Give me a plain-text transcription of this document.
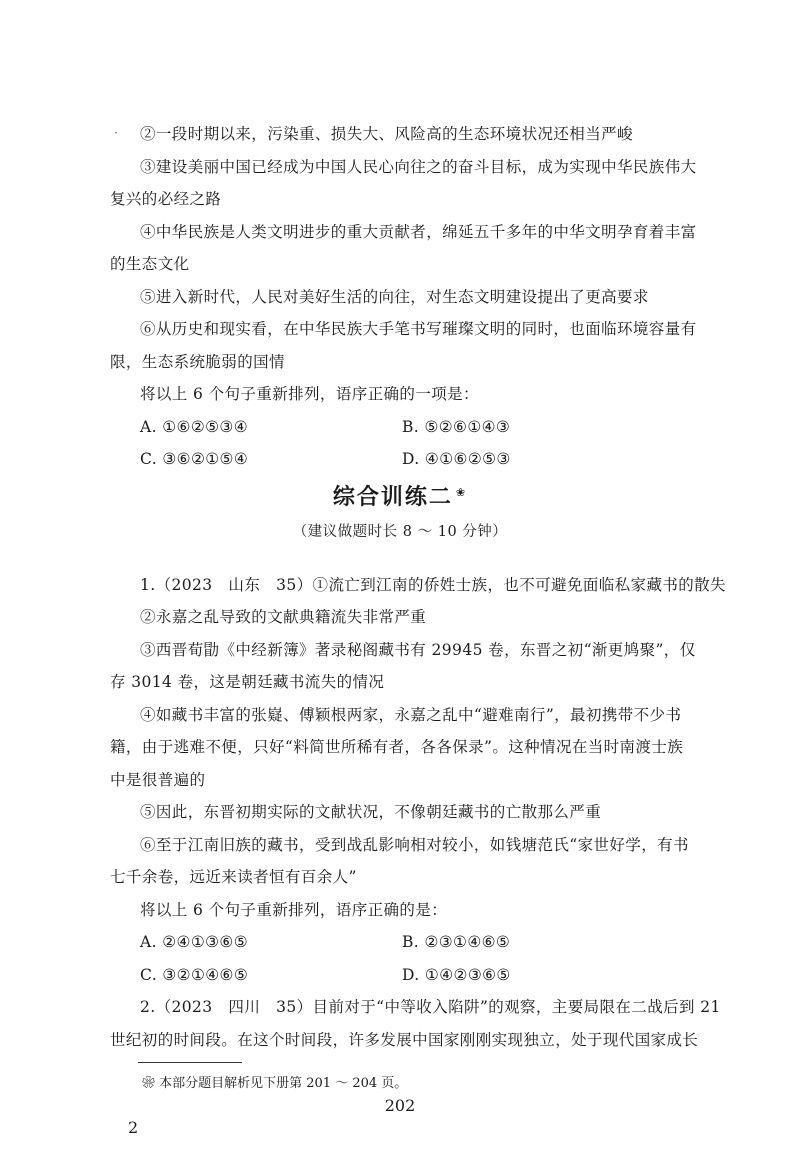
· ②一段时期以来，污染重、损失大、风险高的生态环境状况还相当严峻
③建设美丽中国已经成为中国人民心向往之的奋斗目标，成为实现中华民族伟大
复兴的必经之路
④中华民族是人类文明进步的重大贡献者，绵延五千多年的中华文明孕育着丰富
的生态文化
⑤进入新时代，人民对美好生活的向往，对生态文明建设提出了更高要求
⑥从历史和现实看，在中华民族大手笔书写璀璨文明的同时，也面临环境容量有
限，生态系统脆弱的国情
将以上 6 个句子重新排列，语序正确的一项是：
A. ①⑥②⑤③④	B. ⑤②⑥①④③
C. ③⑥②①⑤④	D. ④①⑥②⑤③
综合训练二 ❀
（建议做题时长 8 ～ 10 分钟）
1.（2023　山东　35）①流亡到江南的侨姓士族，也不可避免面临私家藏书的散失
②永嘉之乱导致的文献典籍流失非常严重
③西晋荀勖《中经新簿》著录秘阁藏书有 29945 卷，东晋之初“渐更鸠聚”，仅
存 3014 卷，这是朝廷藏书流失的情况
④如藏书丰富的张嶷、傅颖根两家，永嘉之乱中“避难南行”，最初携带不少书
籍，由于逃难不便，只好“料简世所稀有者，各各保录”。这种情况在当时南渡士族
中是很普遍的
⑤因此，东晋初期实际的文献状况，不像朝廷藏书的亡散那么严重
⑥至于江南旧族的藏书，受到战乱影响相对较小，如钱塘范氏“家世好学，有书
七千余卷，远近来读者恒有百余人”
将以上 6 个句子重新排列，语序正确的是：
A. ②④①③⑥⑤	B. ②③①④⑥⑤
C. ③②①④⑥⑤	D. ①④②③⑥⑤
2.（2023　四川　35）目前对于“中等收入陷阱”的观察，主要局限在二战后到 21
世纪初的时间段。在这个时间段，许多发展中国家刚刚实现独立，处于现代国家成长
❀ 本部分题目解析见下册第 201 ～ 204 页。
202
2
